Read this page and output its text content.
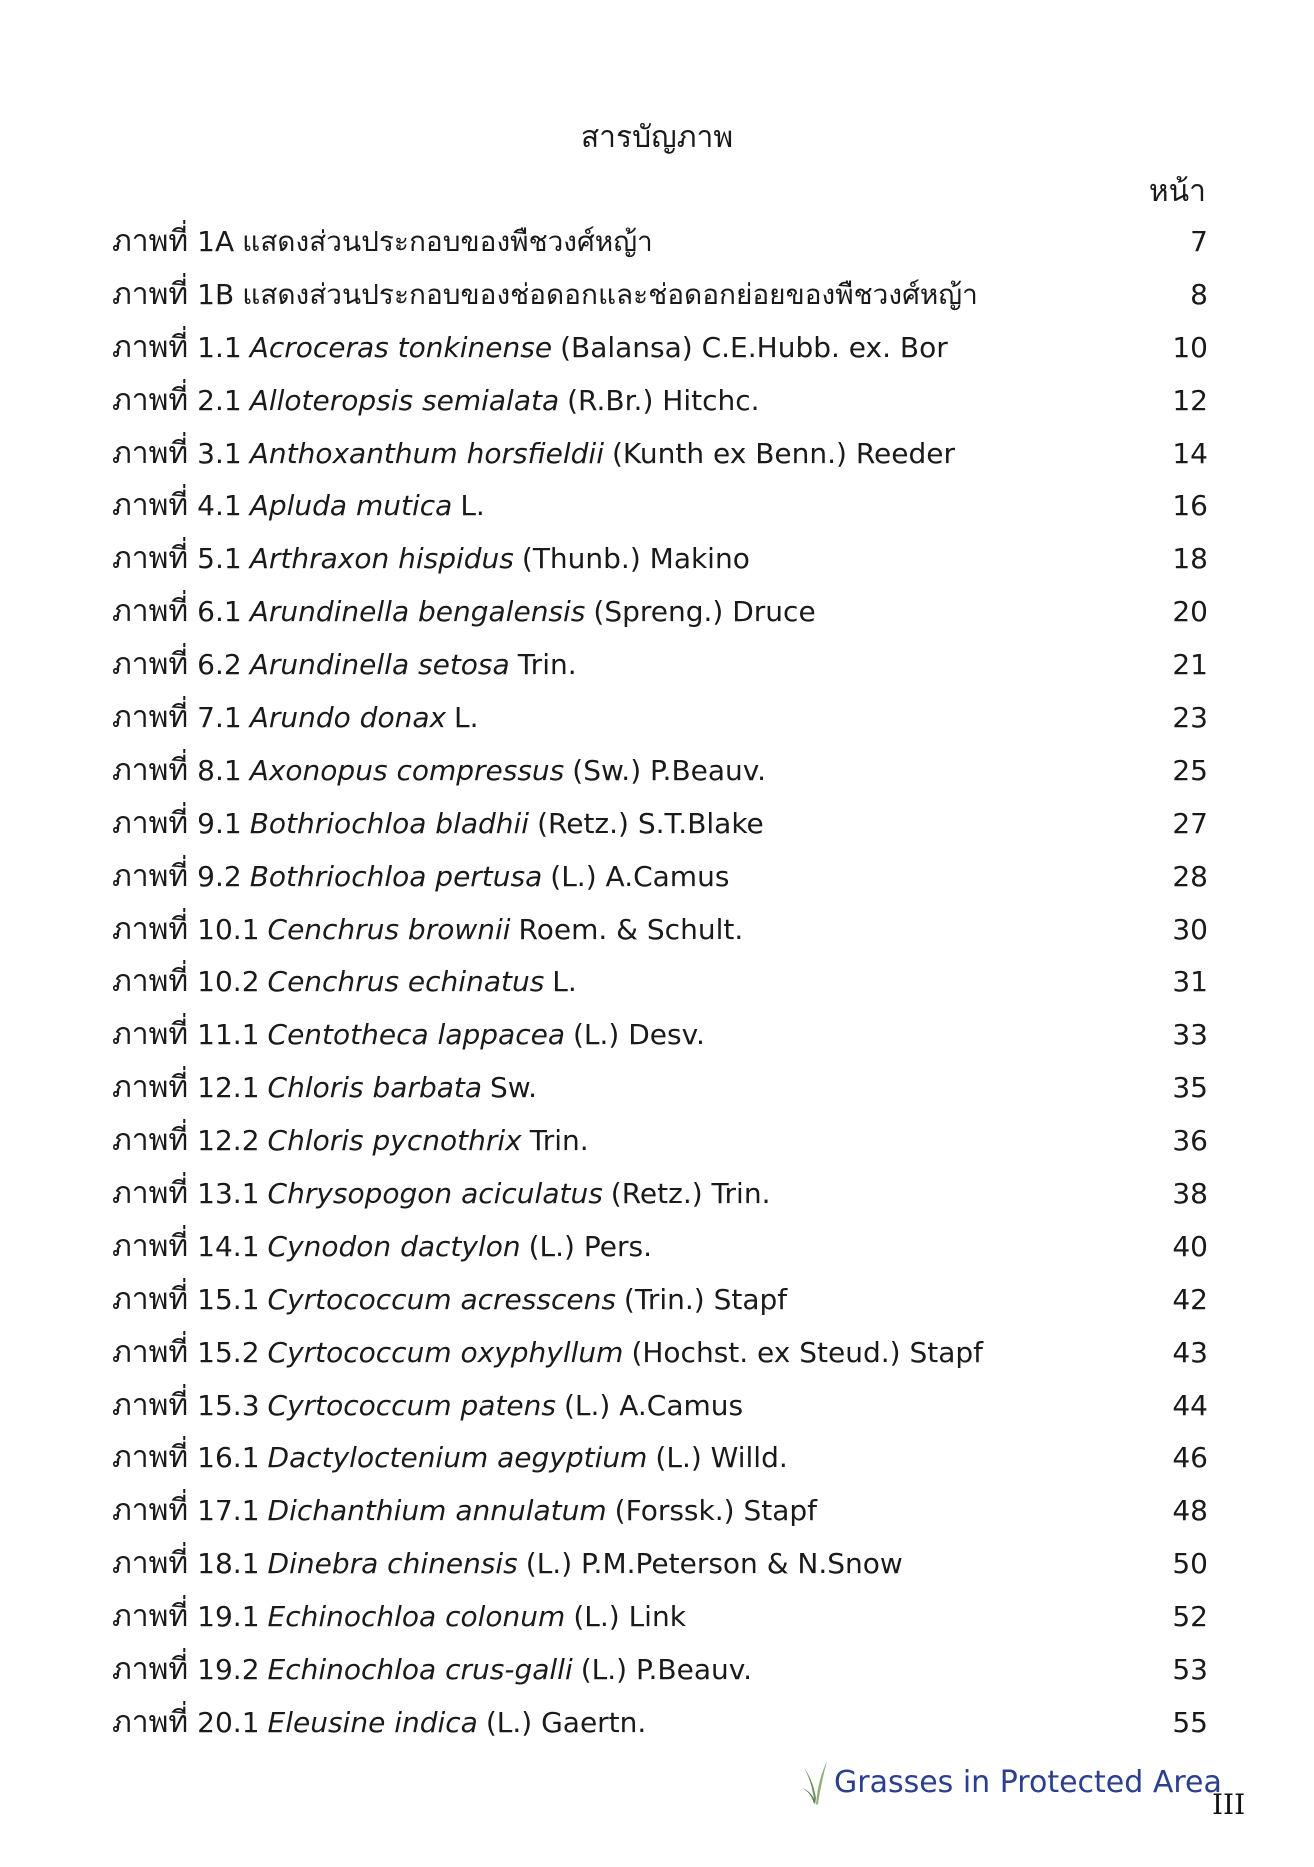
สารบัญภาพ
หน้า
ภาพที่ 1A แสดงส่วนประกอบของพืชวงศ์หญ้า	7
ภาพที่ 1B แสดงส่วนประกอบของช่อดอกและช่อดอกย่อยของพืชวงศ์หญ้า	8
ภาพที่ 1.1 Acroceras tonkinense (Balansa) C.E.Hubb. ex. Bor	10
ภาพที่ 2.1 Alloteropsis semialata (R.Br.) Hitchc.	12
ภาพที่ 3.1 Anthoxanthum horsfieldii (Kunth ex Benn.) Reeder	14
ภาพที่ 4.1 Apluda mutica L.	16
ภาพที่ 5.1 Arthraxon hispidus (Thunb.) Makino	18
ภาพที่ 6.1 Arundinella bengalensis (Spreng.) Druce	20
ภาพที่ 6.2 Arundinella setosa Trin.	21
ภาพที่ 7.1 Arundo donax L.	23
ภาพที่ 8.1 Axonopus compressus (Sw.) P.Beauv.	25
ภาพที่ 9.1 Bothriochloa bladhii (Retz.) S.T.Blake	27
ภาพที่ 9.2 Bothriochloa pertusa (L.) A.Camus	28
ภาพที่ 10.1 Cenchrus brownii Roem. & Schult.	30
ภาพที่ 10.2 Cenchrus echinatus L.	31
ภาพที่ 11.1 Centotheca lappacea (L.) Desv.	33
ภาพที่ 12.1 Chloris barbata Sw.	35
ภาพที่ 12.2 Chloris pycnothrix Trin.	36
ภาพที่ 13.1 Chrysopogon aciculatus (Retz.) Trin.	38
ภาพที่ 14.1 Cynodon dactylon (L.) Pers.	40
ภาพที่ 15.1 Cyrtococcum acresscens (Trin.) Stapf	42
ภาพที่ 15.2 Cyrtococcum oxyphyllum (Hochst. ex Steud.) Stapf	43
ภาพที่ 15.3 Cyrtococcum patens (L.) A.Camus	44
ภาพที่ 16.1 Dactyloctenium aegyptium (L.) Willd.	46
ภาพที่ 17.1 Dichanthium annulatum (Forssk.) Stapf	48
ภาพที่ 18.1 Dinebra chinensis (L.) P.M.Peterson & N.Snow	50
ภาพที่ 19.1 Echinochloa colonum (L.) Link	52
ภาพที่ 19.2 Echinochloa crus-galli (L.) P.Beauv.	53
ภาพที่ 20.1 Eleusine indica (L.) Gaertn.	55
Grasses in Protected Area
III
